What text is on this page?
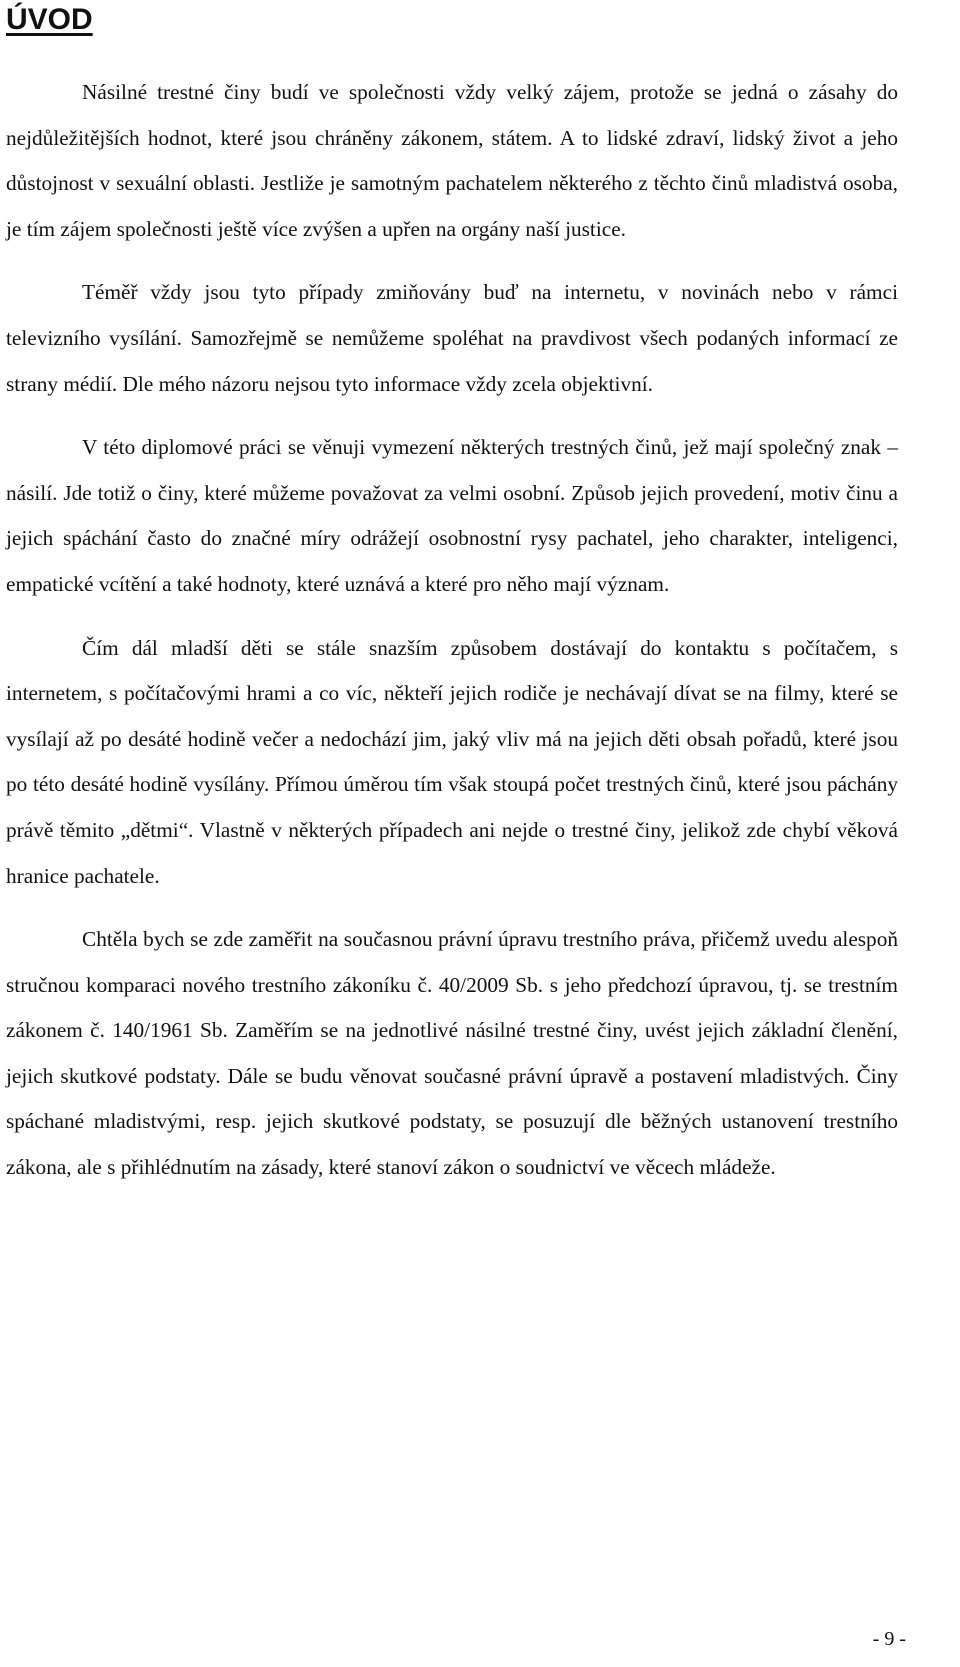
ÚVOD

Násilné trestné činy budí ve společnosti vždy velký zájem, protože se jedná o zásahy do nejdůležitějších hodnot, které jsou chráněny zákonem, státem. A to lidské zdraví, lidský život a jeho důstojnost v sexuální oblasti. Jestliže je samotným pachatelem některého z těchto činů mladistvá osoba, je tím zájem společnosti ještě více zvýšen a upřen na orgány naší justice.

Téměř vždy jsou tyto případy zmiňovány buď na internetu, v novinách nebo v rámci televizního vysílání. Samozřejmě se nemůžeme spoléhat na pravdivost všech podaných informací ze strany médií. Dle mého názoru nejsou tyto informace vždy zcela objektivní.

V této diplomové práci se věnuji vymezení některých trestných činů, jež mají společný znak – násilí. Jde totiž o činy, které můžeme považovat za velmi osobní. Způsob jejich provedení, motiv činu a jejich spáchání často do značné míry odrážejí osobnostní rysy pachatel, jeho charakter, inteligenci, empatické vcítění a také hodnoty, které uznává a které pro něho mají význam.

Čím dál mladší děti se stále snazším způsobem dostávají do kontaktu s počítačem, s internetem, s počítačovými hrami a co víc, někteří jejich rodiče je nechávají dívat se na filmy, které se vysílají až po desáté hodině večer a nedochází jim, jaký vliv má na jejich děti obsah pořadů, které jsou po této desáté hodině vysílány. Přímou úměrou tím však stoupá počet trestných činů, které jsou páchány právě těmito „dětmi“. Vlastně v některých případech ani nejde o trestné činy, jelikož zde chybí věková hranice pachatele.

Chtěla bych se zde zaměřit na současnou právní úpravu trestního práva, přičemž uvedu alespoň stručnou komparaci nového trestního zákoníku č. 40/2009 Sb. s jeho předchozí úpravou, tj. se trestním zákonem č. 140/1961 Sb. Zaměřím se na jednotlivé násilné trestné činy, uvést jejich základní členění, jejich skutkové podstaty. Dále se budu věnovat současné právní úpravě a postavení mladistvých. Činy spáchané mladistvými, resp. jejich skutkové podstaty, se posuzují dle běžných ustanovení trestního zákona, ale s přihlédnutím na zásady, které stanoví zákon o soudnictví ve věcech mládeže.

- 9 -
